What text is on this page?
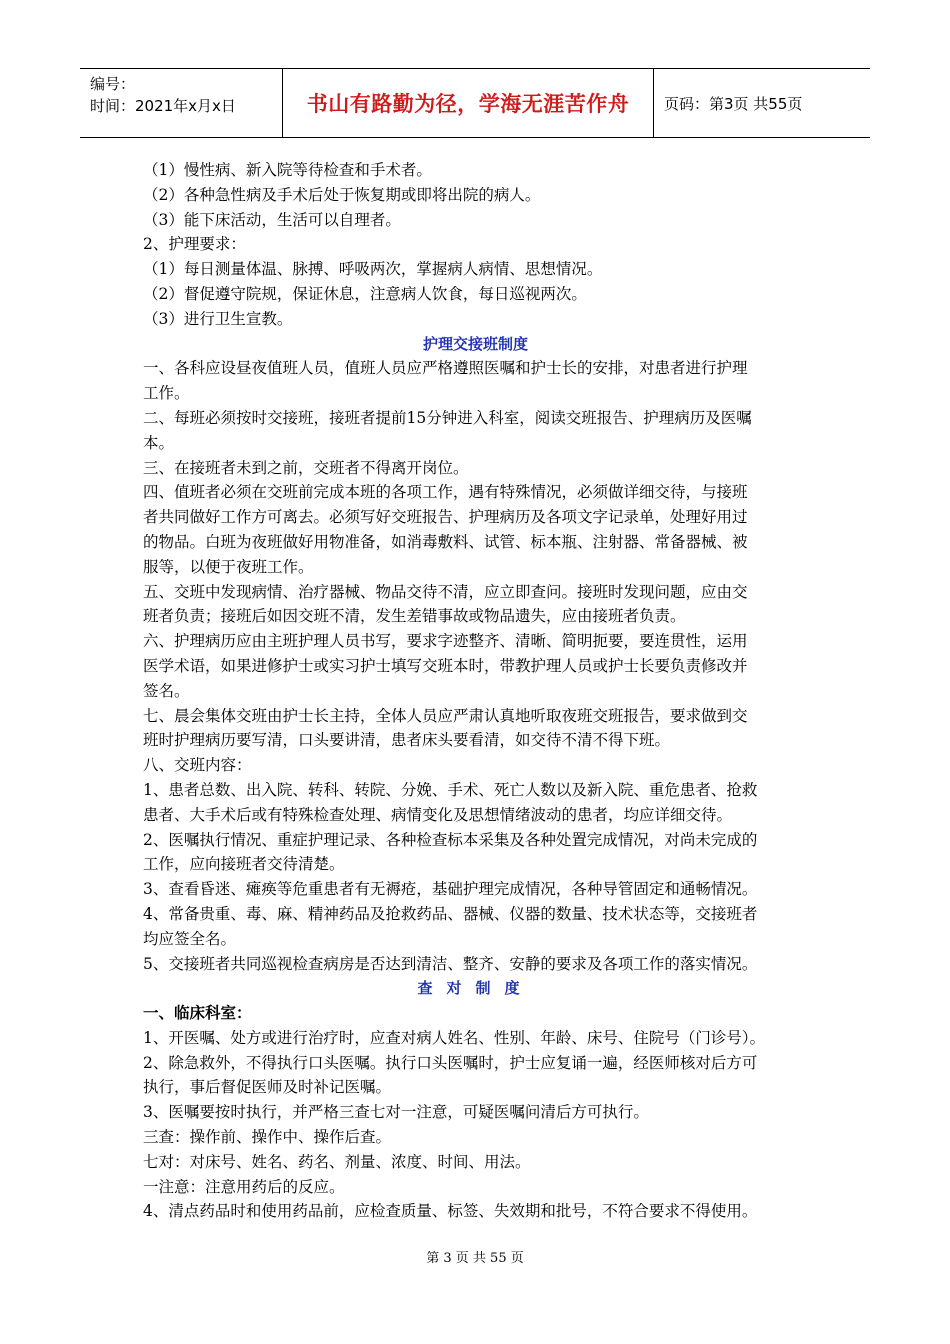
编号：
时间：2021年x月x日	书山有路勤为径，学海无涯苦作舟 页码：第3页 共55页
（1）慢性病、新入院等待检查和手术者。
（2）各种急性病及手术后处于恢复期或即将出院的病人。
（3）能下床活动，生活可以自理者。
2、护理要求：
（1）每日测量体温、脉搏、呼吸两次，掌握病人病情、思想情况。
（2）督促遵守院规，保证休息，注意病人饮食，每日巡视两次。
（3）进行卫生宣教。
护理交接班制度
一、各科应设昼夜值班人员，值班人员应严格遵照医嘱和护士长的安排，对患者进行护理
工作。
二、每班必须按时交接班，接班者提前15分钟进入科室，阅读交班报告、护理病历及医嘱
本。
三、在接班者未到之前，交班者不得离开岗位。
四、值班者必须在交班前完成本班的各项工作，遇有特殊情况，必须做详细交待，与接班
者共同做好工作方可离去。必须写好交班报告、护理病历及各项文字记录单，处理好用过
的物品。白班为夜班做好用物准备，如消毒敷料、试管、标本瓶、注射器、常备器械、被
服等，以便于夜班工作。
五、交班中发现病情、治疗器械、物品交待不清，应立即查问。接班时发现问题，应由交
班者负责；接班后如因交班不清，发生差错事故或物品遗失，应由接班者负责。
六、护理病历应由主班护理人员书写，要求字迹整齐、清晰、简明扼要，要连贯性，运用
医学术语，如果进修护士或实习护士填写交班本时，带教护理人员或护士长要负责修改并
签名。
七、晨会集体交班由护士长主持，全体人员应严肃认真地听取夜班交班报告，要求做到交
班时护理病历要写清，口头要讲清，患者床头要看清，如交待不清不得下班。
八、交班内容：
1、患者总数、出入院、转科、转院、分娩、手术、死亡人数以及新入院、重危患者、抢救
患者、大手术后或有特殊检查处理、病情变化及思想情绪波动的患者，均应详细交待。
2、医嘱执行情况、重症护理记录、各种检查标本采集及各种处置完成情况，对尚未完成的
工作，应向接班者交待清楚。
3、查看昏迷、瘫痪等危重患者有无褥疮，基础护理完成情况，各种导管固定和通畅情况。
4、常备贵重、毒、麻、精神药品及抢救药品、器械、仪器的数量、技术状态等，交接班者
均应签全名。
5、交接班者共同巡视检查病房是否达到清洁、整齐、安静的要求及各项工作的落实情况。
查对制度
一、临床科室：
1、开医嘱、处方或进行治疗时，应查对病人姓名、性别、年龄、床号、住院号（门诊号）。
2、除急救外，不得执行口头医嘱。执行口头医嘱时，护士应复诵一遍，经医师核对后方可
执行，事后督促医师及时补记医嘱。
3、医嘱要按时执行，并严格三查七对一注意，可疑医嘱问清后方可执行。
三查：操作前、操作中、操作后查。
七对：对床号、姓名、药名、剂量、浓度、时间、用法。
一注意：注意用药后的反应。
4、清点药品时和使用药品前，应检查质量、标签、失效期和批号，不符合要求不得使用。
第 3 页 共 55 页
